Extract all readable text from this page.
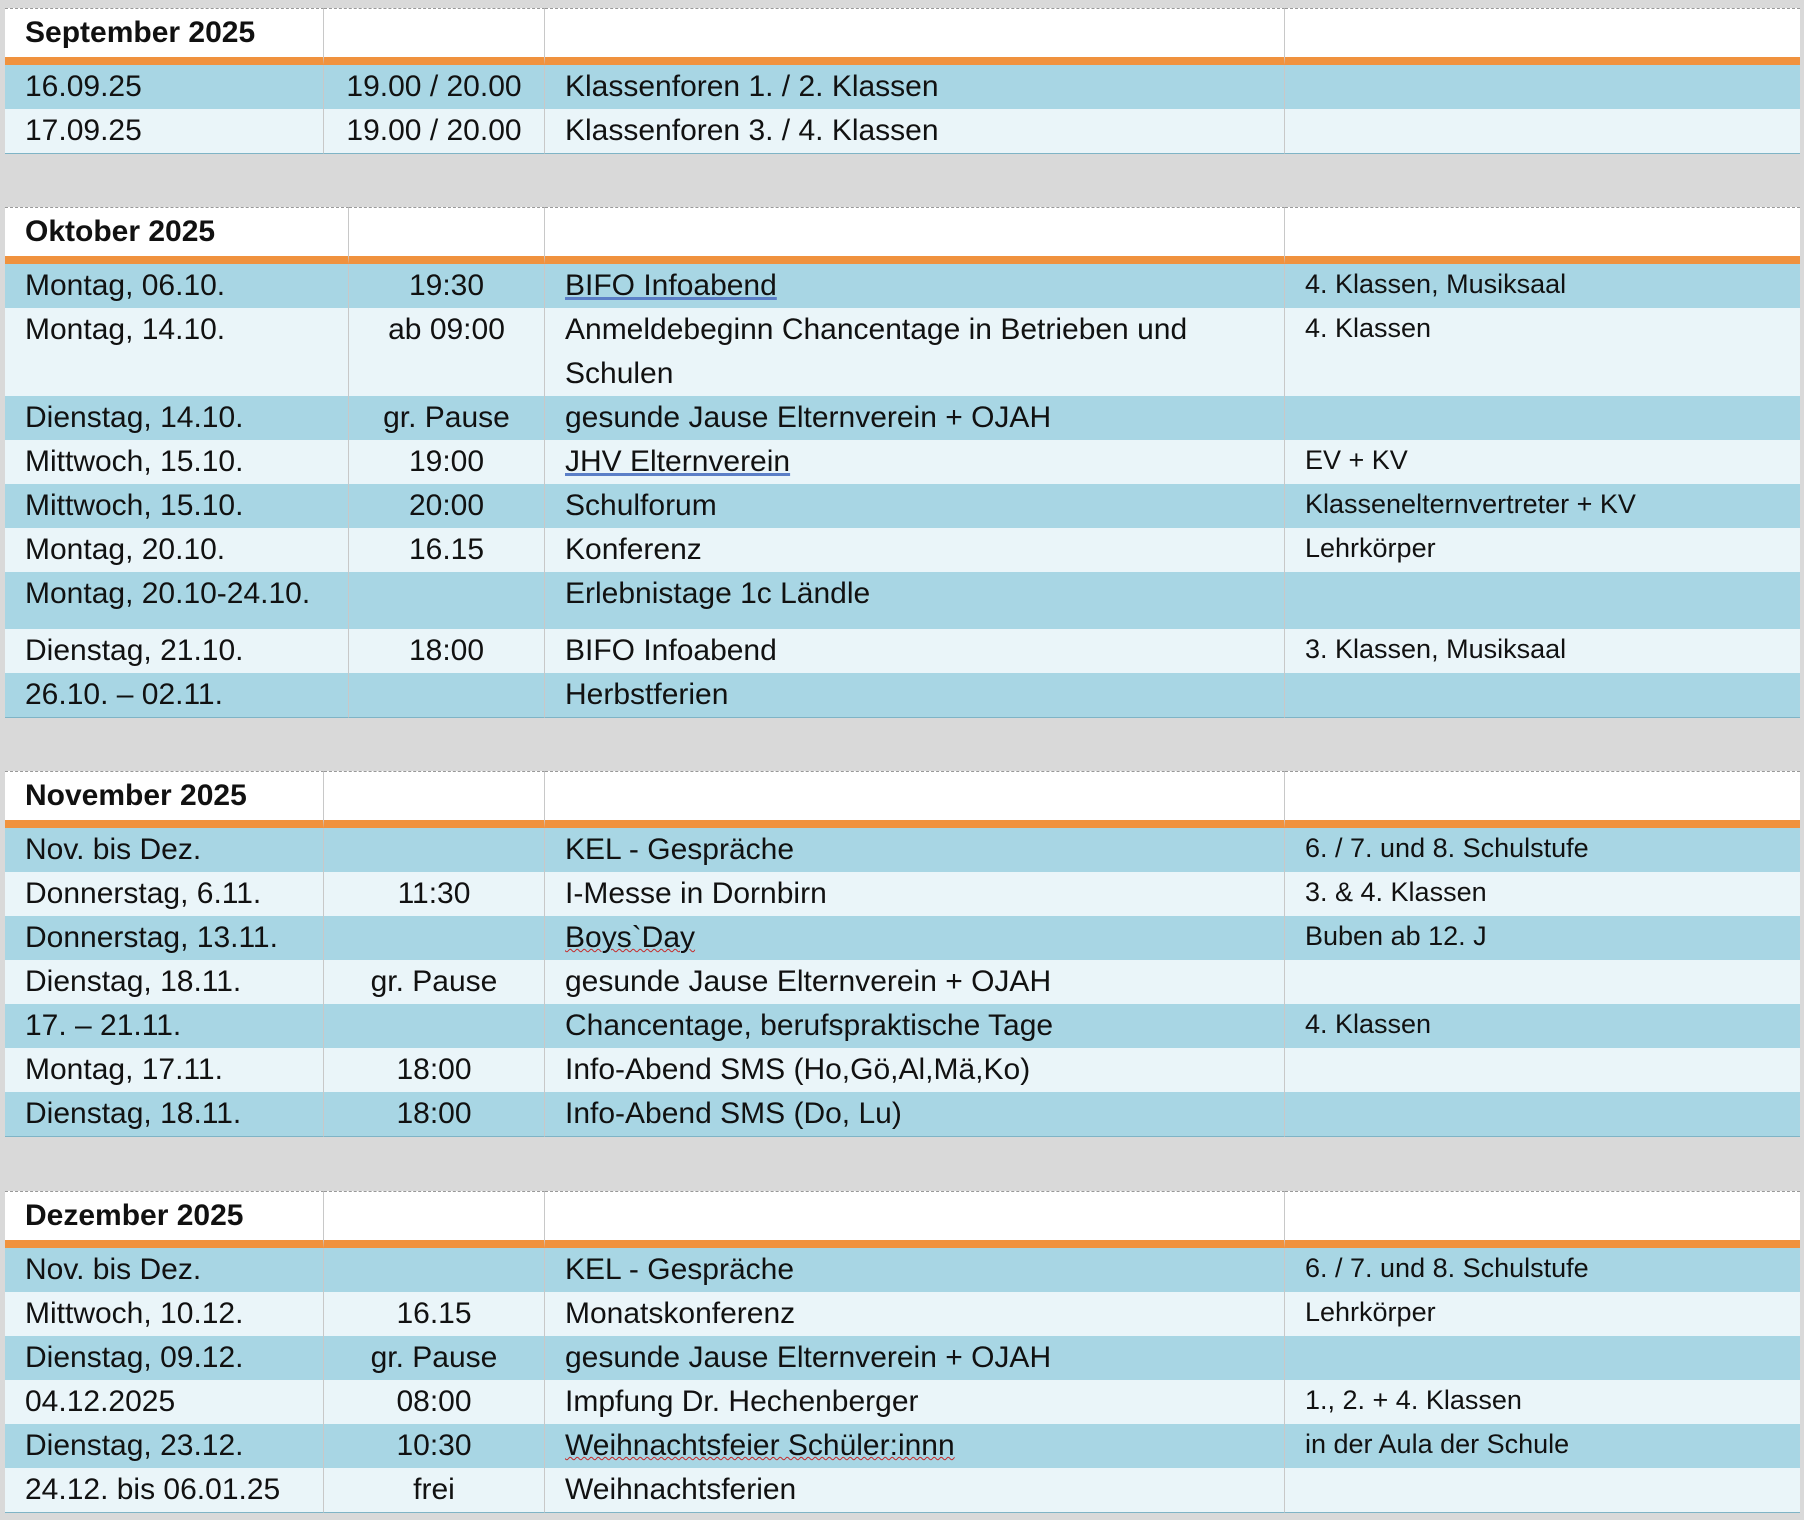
September 2025			
16.09.25	19.00 / 20.00	Klassenforen 1. / 2. Klassen	
17.09.25	19.00 / 20.00	Klassenforen 3. / 4. Klassen	
Oktober 2025			
Montag, 06.10.	19:30	BIFO Infoabend	4. Klassen, Musiksaal
Montag, 14.10.	ab 09:00	Anmeldebeginn Chancentage in Betrieben und Schulen	4. Klassen
Dienstag, 14.10.	gr. Pause	gesunde Jause Elternverein + OJAH	
Mittwoch, 15.10.	19:00	JHV Elternverein	EV + KV
Mittwoch, 15.10.	20:00	Schulforum	Klassenelternvertreter + KV
Montag, 20.10.	16.15	Konferenz	Lehrkörper
Montag, 20.10-24.10.		Erlebnistage 1c Ländle	
Dienstag, 21.10.	18:00	BIFO Infoabend	3. Klassen, Musiksaal
26.10. – 02.11.		Herbstferien	
November 2025			
Nov. bis Dez.		KEL - Gespräche	6. / 7. und 8. Schulstufe
Donnerstag, 6.11.	11:30	I-Messe in Dornbirn	3. & 4. Klassen
Donnerstag, 13.11.		Boys`Day	Buben ab 12. J
Dienstag, 18.11.	gr. Pause	gesunde Jause Elternverein + OJAH	
17. – 21.11.		Chancentage, berufspraktische Tage	4. Klassen
Montag, 17.11.	18:00	Info-Abend SMS (Ho,Gö,Al,Mä,Ko)	
Dienstag, 18.11.	18:00	Info-Abend SMS (Do, Lu)	
Dezember 2025			
Nov. bis Dez.		KEL - Gespräche	6. / 7. und 8. Schulstufe
Mittwoch, 10.12.	16.15	Monatskonferenz	Lehrkörper
Dienstag, 09.12.	gr. Pause	gesunde Jause Elternverein + OJAH	
04.12.2025	08:00	Impfung Dr. Hechenberger	1., 2. + 4. Klassen
Dienstag, 23.12.	10:30	Weihnachtsfeier Schüler:innn	in der Aula der Schule
24.12. bis 06.01.25	frei	Weihnachtsferien	
